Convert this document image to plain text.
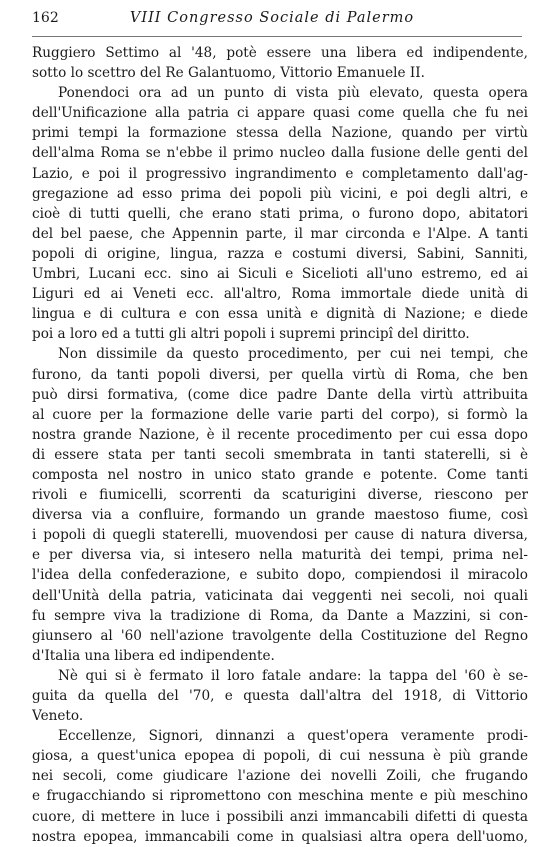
162	VIII Congresso Sociale di Palermo
Ruggiero Settimo al '48, potè essere una libera ed indipendente,
sotto lo scettro del Re Galantuomo, Vittorio Emanuele II.
Ponendoci ora ad un punto di vista più elevato, questa opera
dell'Unificazione alla patria ci appare quasi come quella che fu nei
primi tempi la formazione stessa della Nazione, quando per virtù
dell'alma Roma se n'ebbe il primo nucleo dalla fusione delle genti del
Lazio, e poi il progressivo ingrandimento e completamento dall'ag-
gregazione ad esso prima dei popoli più vicini, e poi degli altri, e
cioè di tutti quelli, che erano stati prima, o furono dopo, abitatori
del bel paese, che Appennin parte, il mar circonda e l'Alpe. A tanti
popoli di origine, lingua, razza e costumi diversi, Sabini, Sanniti,
Umbri, Lucani ecc. sino ai Siculi e Sicelioti all'uno estremo, ed ai
Liguri ed ai Veneti ecc. all'altro, Roma immortale diede unità di
lingua e di cultura e con essa unità e dignità di Nazione; e diede
poi a loro ed a tutti gli altri popoli i supremi principî del diritto.
Non dissimile da questo procedimento, per cui nei tempi, che
furono, da tanti popoli diversi, per quella virtù di Roma, che ben
può dirsi formativa, (come dice padre Dante della virtù attribuita
al cuore per la formazione delle varie parti del corpo), si formò la
nostra grande Nazione, è il recente procedimento per cui essa dopo
di essere stata per tanti secoli smembrata in tanti staterelli, si è
composta nel nostro in unico stato grande e potente. Come tanti
rivoli e fiumicelli, scorrenti da scaturigini diverse, riescono per
diversa via a confluire, formando un grande maestoso fiume, così
i popoli di quegli staterelli, muovendosi per cause di natura diversa,
e per diversa via, si intesero nella maturità dei tempi, prima nel-
l'idea della confederazione, e subito dopo, compiendosi il miracolo
dell'Unità della patria, vaticinata dai veggenti nei secoli, noi quali
fu sempre viva la tradizione di Roma, da Dante a Mazzini, si con-
giunsero al '60 nell'azione travolgente della Costituzione del Regno
d'Italia una libera ed indipendente.
Nè qui si è fermato il loro fatale andare: la tappa del '60 è se-
guita da quella del '70, e questa dall'altra del 1918, di Vittorio
Veneto.
Eccellenze, Signori, dinnanzi a quest'opera veramente prodi-
giosa, a quest'unica epopea di popoli, di cui nessuna è più grande
nei secoli, come giudicare l'azione dei novelli Zoili, che frugando
e frugacchiando si ripromettono con meschina mente e più meschino
cuore, di mettere in luce i possibili anzi immancabili difetti di questa
nostra epopea, immancabili come in qualsiasi altra opera dell'uomo,
